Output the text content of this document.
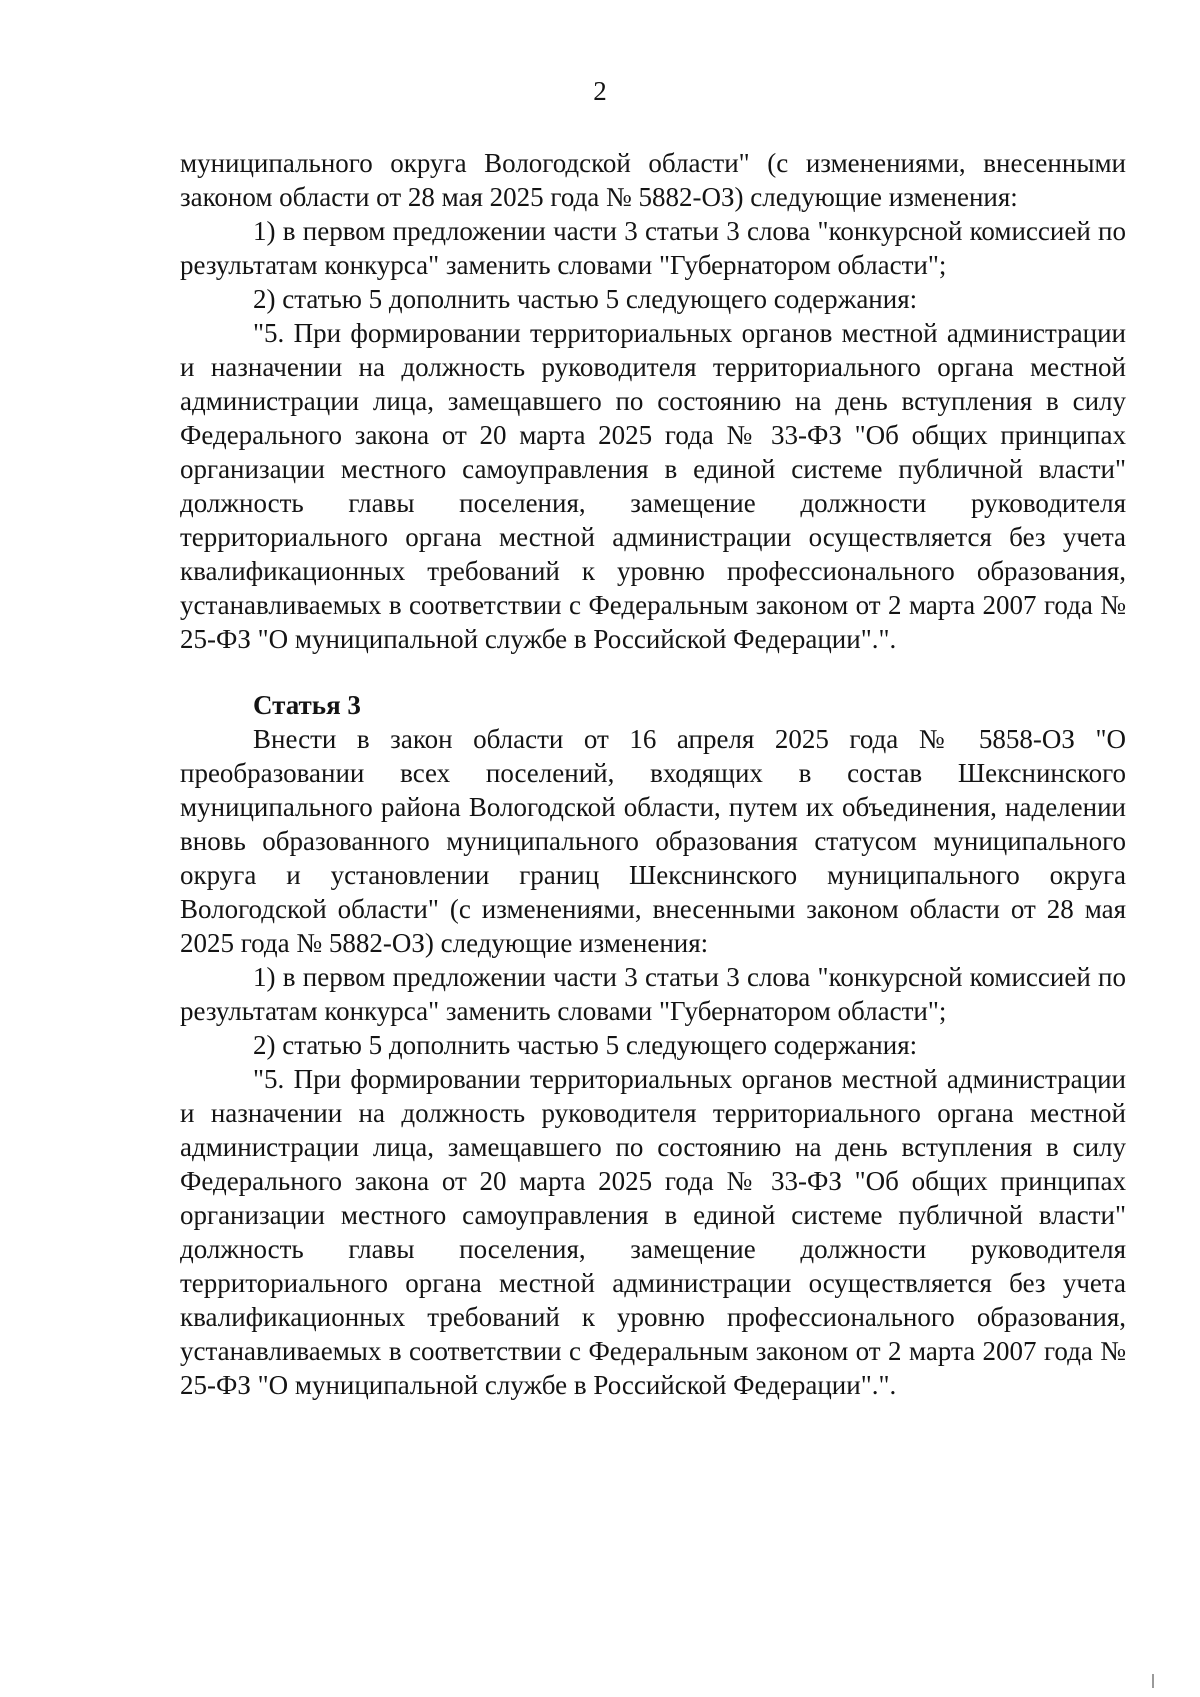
2

муниципального округа Вологодской области" (с изменениями, внесенными законом области от 28 мая 2025 года № 5882-ОЗ) следующие изменения:

1) в первом предложении части 3 статьи 3 слова "конкурсной комиссией по результатам конкурса" заменить словами "Губернатором области";

2) статью 5 дополнить частью 5 следующего содержания:

"5. При формировании территориальных органов местной администрации и назначении на должность руководителя территориального органа местной администрации лица, замещавшего по состоянию на день вступления в силу Федерального закона от 20 марта 2025 года № 33-ФЗ "Об общих принципах организации местного самоуправления в единой системе публичной власти" должность главы поселения, замещение должности руководителя территориального органа местной администрации осуществляется без учета квалификационных требований к уровню профессионального образования, устанавливаемых в соответствии с Федеральным законом от 2 марта 2007 года № 25-ФЗ "О муниципальной службе в Российской Федерации".".

Статья 3

Внести в закон области от 16 апреля 2025 года № 5858-ОЗ "О преобразовании всех поселений, входящих в состав Шекснинского муниципального района Вологодской области, путем их объединения, наделении вновь образованного муниципального образования статусом муниципального округа и установлении границ Шекснинского муниципального округа Вологодской области" (с изменениями, внесенными законом области от 28 мая 2025 года № 5882-ОЗ) следующие изменения:

1) в первом предложении части 3 статьи 3 слова "конкурсной комиссией по результатам конкурса" заменить словами "Губернатором области";

2) статью 5 дополнить частью 5 следующего содержания:

"5. При формировании территориальных органов местной администрации и назначении на должность руководителя территориального органа местной администрации лица, замещавшего по состоянию на день вступления в силу Федерального закона от 20 марта 2025 года № 33-ФЗ "Об общих принципах организации местного самоуправления в единой системе публичной власти" должность главы поселения, замещение должности руководителя территориального органа местной администрации осуществляется без учета квалификационных требований к уровню профессионального образования, устанавливаемых в соответствии с Федеральным законом от 2 марта 2007 года № 25-ФЗ "О муниципальной службе в Российской Федерации".".
